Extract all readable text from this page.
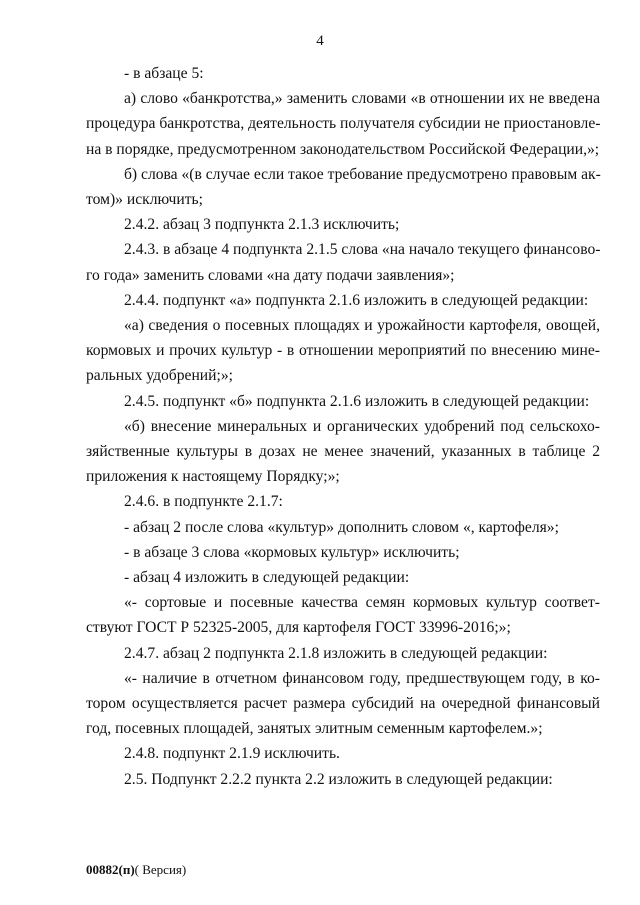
4
- в абзаце 5:
а) слово «банкротства,» заменить словами «в отношении их не введена
процедура банкротства, деятельность получателя субсидии не приостановле-
на в порядке, предусмотренном законодательством Российской Федерации,»;
б) слова «(в случае если такое требование предусмотрено правовым ак-
том)» исключить;
2.4.2. абзац 3 подпункта 2.1.3 исключить;
2.4.3. в абзаце 4 подпункта 2.1.5 слова «на начало текущего финансово-
го года» заменить словами «на дату подачи заявления»;
2.4.4. подпункт «а» подпункта 2.1.6 изложить в следующей редакции:
«а) сведения о посевных площадях и урожайности картофеля, овощей,
кормовых и прочих культур - в отношении мероприятий по внесению мине-
ральных удобрений;»;
2.4.5. подпункт «б» подпункта 2.1.6 изложить в следующей редакции:
«б) внесение минеральных и органических удобрений под сельскохо-
зяйственные культуры в дозах не менее значений, указанных в таблице 2
приложения к настоящему Порядку;»;
2.4.6. в подпункте 2.1.7:
- абзац 2 после слова «культур» дополнить словом «, картофеля»;
- в абзаце 3 слова «кормовых культур» исключить;
- абзац 4 изложить в следующей редакции:
«- сортовые и посевные качества семян кормовых культур соответ-
ствуют ГОСТ Р 52325-2005, для картофеля ГОСТ 33996-2016;»;
2.4.7. абзац 2 подпункта 2.1.8 изложить в следующей редакции:
«- наличие в отчетном финансовом году, предшествующем году, в ко-
тором осуществляется расчет размера субсидий на очередной финансовый
год, посевных площадей, занятых элитным семенным картофелем.»;
2.4.8. подпункт 2.1.9 исключить.
2.5. Подпункт 2.2.2 пункта 2.2 изложить в следующей редакции:
00882(п)( Версия)
